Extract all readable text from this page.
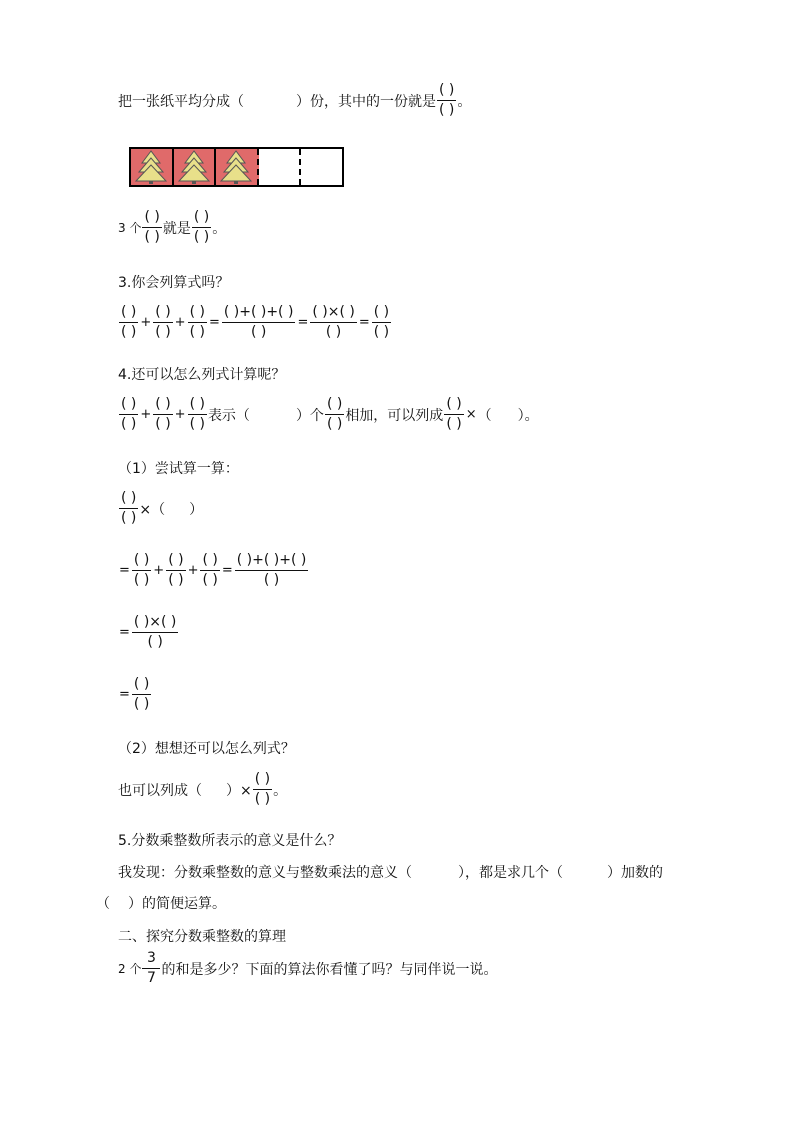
把一张纸平均分成（	）份，其中的一份就是 $\frac{( )}{( )}$ 。
3 个 $\frac{( )}{( )}$ 就是 $\frac{( )}{( )}$ 。
3.你会列算式吗？
$\frac{( )}{( )} + \frac{( )}{( )} + \frac{( )}{( )} = \frac{( )+( )+( )}{( )} = \frac{( )\times( )}{( )} = \frac{( )}{( )}$
4.还可以怎么列式计算呢？
$\frac{( )}{( )} + \frac{( )}{( )} + \frac{( )}{( )}$ 表示（	）个 $\frac{( )}{( )}$ 相加，可以列成 $\frac{( )}{( )}$ × （ ）。
（1）尝试算一算：
$\frac{( )}{( )}$ ×（ ）
= $\frac{( )}{( )} + \frac{( )}{( )} + \frac{( )}{( )} = \frac{( )+( )+( )}{( )}$
= $\frac{( )\times( )}{( )}$
= $\frac{( )}{( )}$
（2）想想还可以怎么列式？
也可以列成（ ）× $\frac{( )}{( )}$ 。
5.分数乘整数所表示的意义是什么？
我发现：分数乘整数的意义与整数乘法的意义（	），都是求几个（	）加数的
（ ）的简便运算。
二、探究分数乘整数的算理
2 个 $\frac{3}{7}$ 的和是多少？下面的算法你看懂了吗？与同伴说一说。
